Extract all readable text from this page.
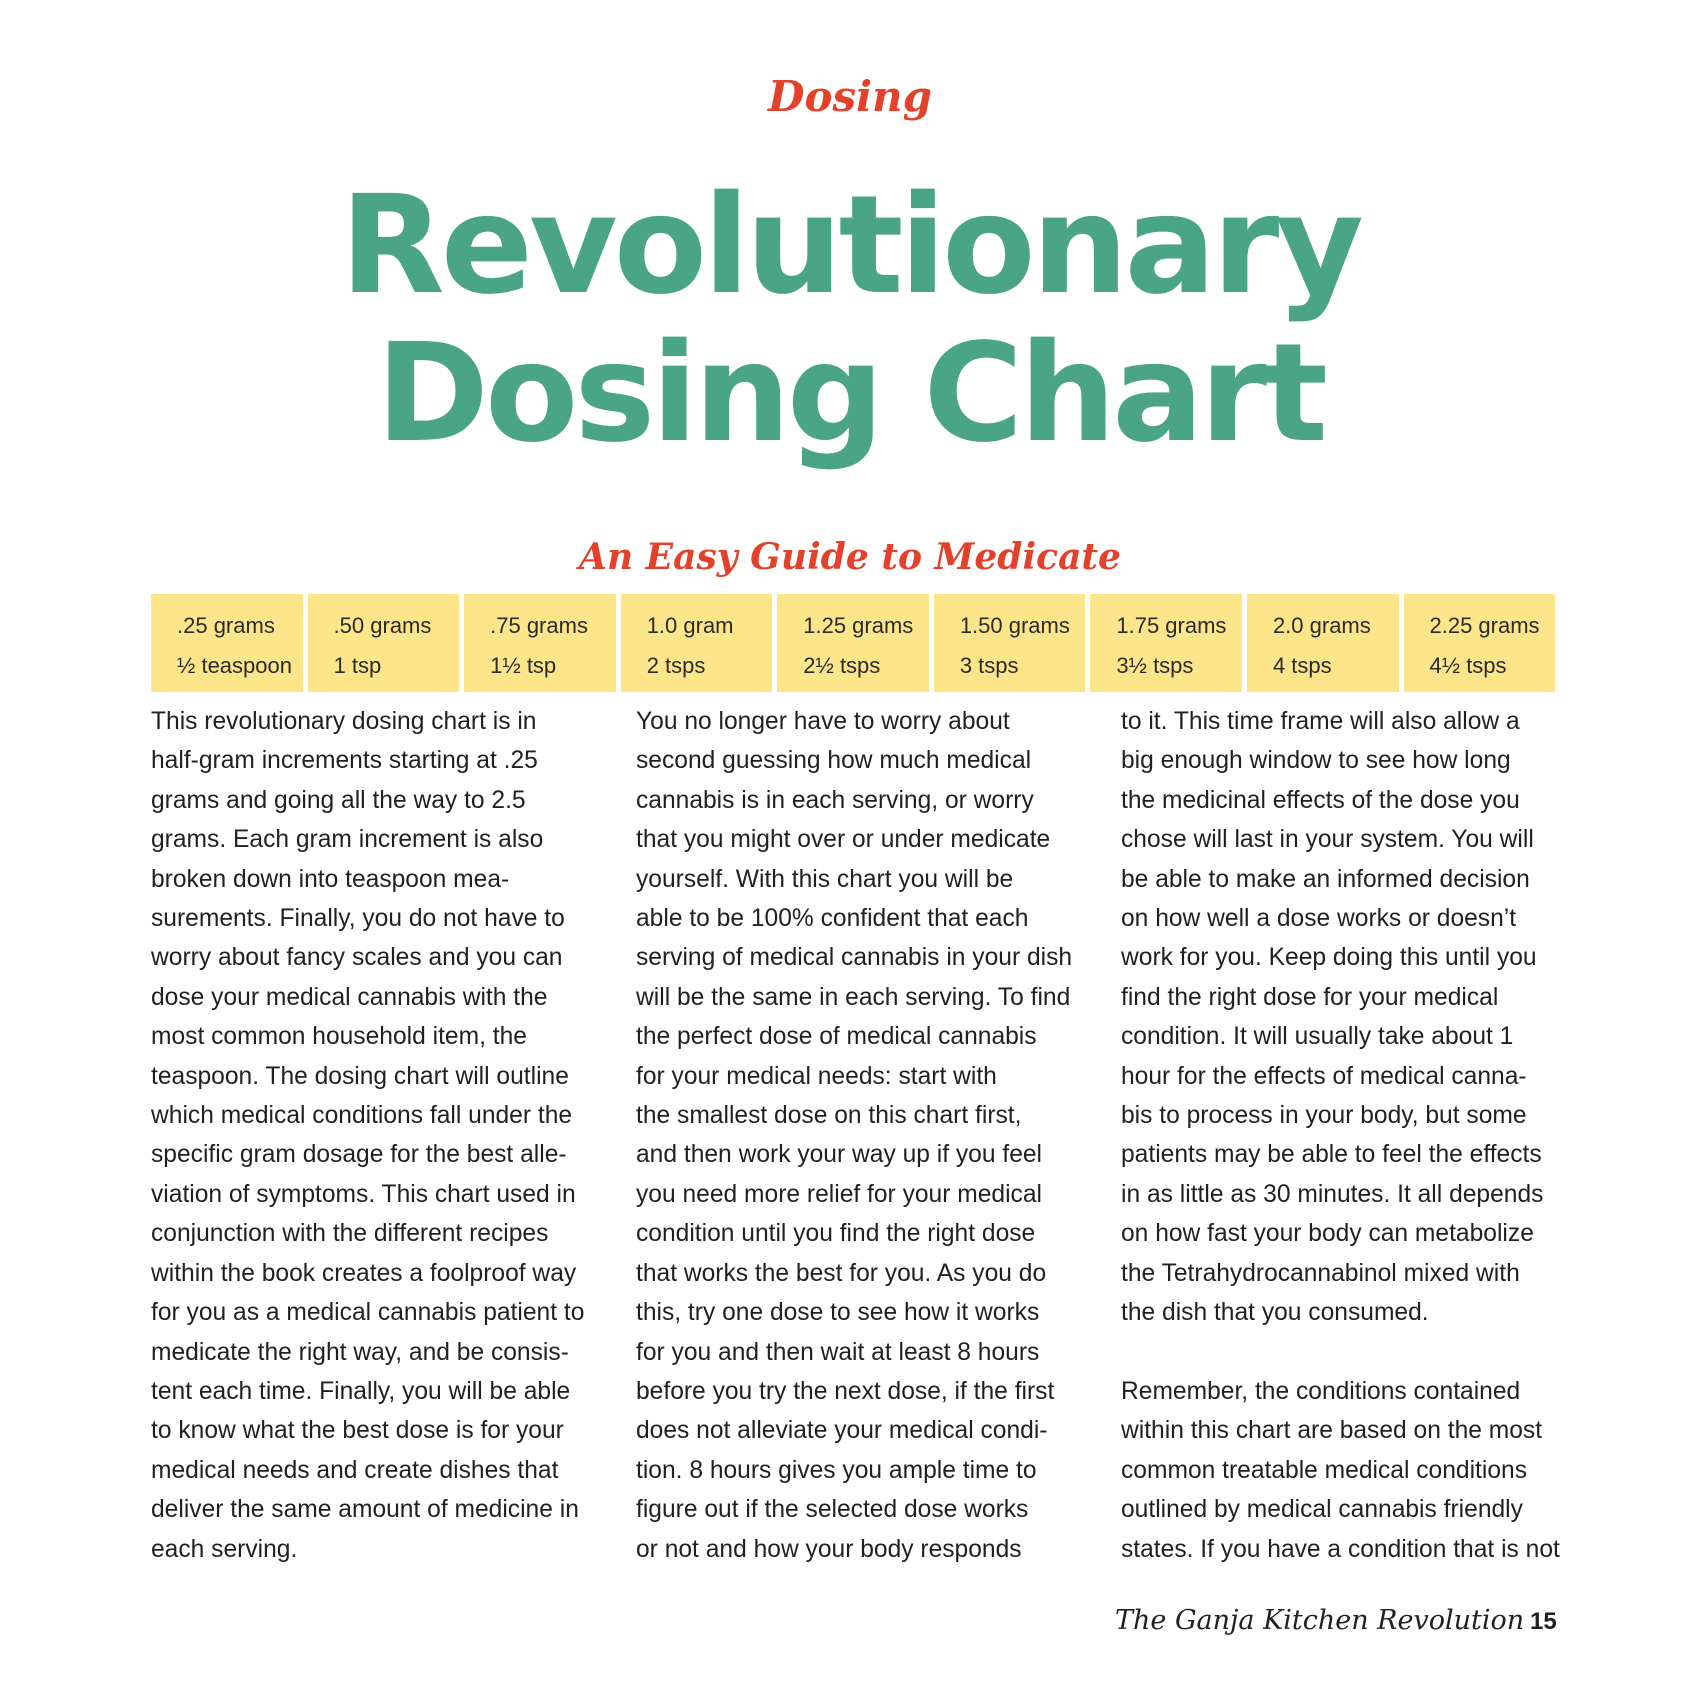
Dosing
Revolutionary
Dosing Chart
An Easy Guide to Medicate
.25 grams
½ teaspoon
.50 grams
1 tsp
.75 grams
1½ tsp
1.0 gram
2 tsps
1.25 grams
2½ tsps
1.50 grams
3 tsps
1.75 grams
3½ tsps
2.0 grams
4 tsps
2.25 grams
4½ tsps
This revolutionary dosing chart is in
half-gram increments starting at .25
grams and going all the way to 2.5
grams. Each gram increment is also
broken down into teaspoon mea-
surements. Finally, you do not have to
worry about fancy scales and you can
dose your medical cannabis with the
most common household item, the
teaspoon. The dosing chart will outline
which medical conditions fall under the
specific gram dosage for the best alle-
viation of symptoms. This chart used in
conjunction with the different recipes
within the book creates a foolproof way
for you as a medical cannabis patient to
medicate the right way, and be consis-
tent each time. Finally, you will be able
to know what the best dose is for your
medical needs and create dishes that
deliver the same amount of medicine in
each serving.
You no longer have to worry about
second guessing how much medical
cannabis is in each serving, or worry
that you might over or under medicate
yourself. With this chart you will be
able to be 100% confident that each
serving of medical cannabis in your dish
will be the same in each serving. To find
the perfect dose of medical cannabis
for your medical needs: start with
the smallest dose on this chart first,
and then work your way up if you feel
you need more relief for your medical
condition until you find the right dose
that works the best for you. As you do
this, try one dose to see how it works
for you and then wait at least 8 hours
before you try the next dose, if the first
does not alleviate your medical condi-
tion. 8 hours gives you ample time to
figure out if the selected dose works
or not and how your body responds
to it. This time frame will also allow a
big enough window to see how long
the medicinal effects of the dose you
chose will last in your system. You will
be able to make an informed decision
on how well a dose works or doesn’t
work for you. Keep doing this until you
find the right dose for your medical
condition. It will usually take about 1
hour for the effects of medical canna-
bis to process in your body, but some
patients may be able to feel the effects
in as little as 30 minutes. It all depends
on how fast your body can metabolize
the Tetrahydrocannabinol mixed with
the dish that you consumed.
Remember, the conditions contained
within this chart are based on the most
common treatable medical conditions
outlined by medical cannabis friendly
states. If you have a condition that is not
The Ganja Kitchen Revolution 15
